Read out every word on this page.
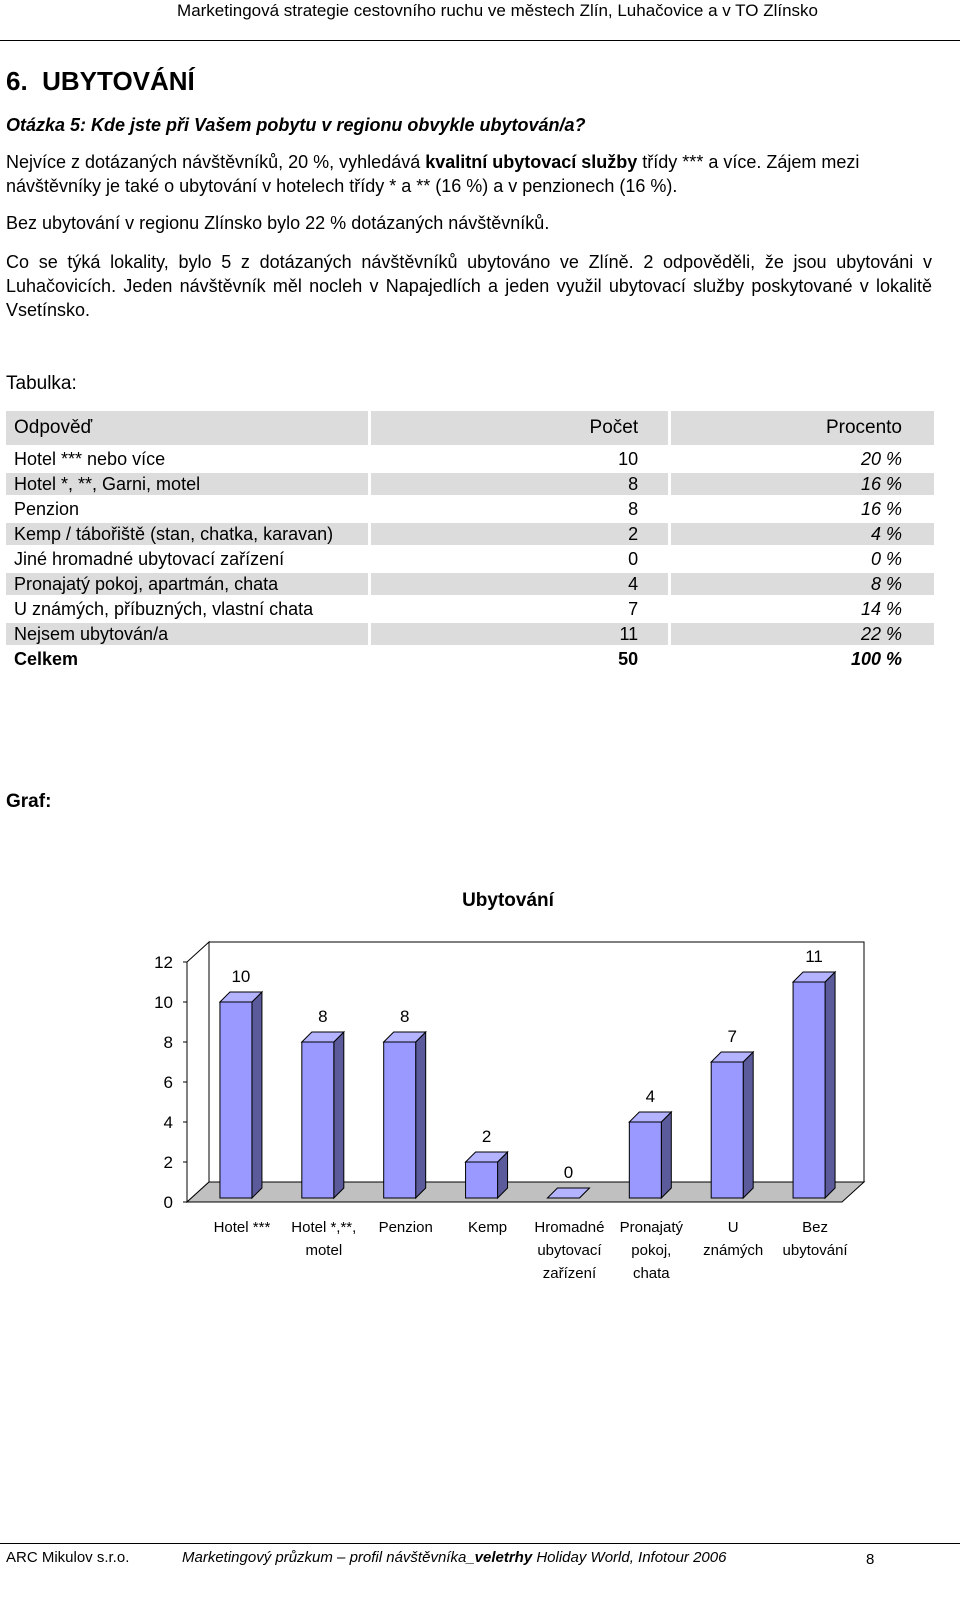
Marketingová strategie cestovního ruchu ve městech Zlín, Luhačovice a v TO Zlínsko
6.  UBYTOVÁNÍ
Otázka 5: Kde jste při Vašem pobytu v regionu obvykle ubytován/a?
Nejvíce z dotázaných návštěvníků, 20 %, vyhledává kvalitní ubytovací služby třídy *** a více. Zájem mezi návštěvníky je také o ubytování v hotelech třídy * a ** (16 %) a v penzionech (16 %).
Bez ubytování v regionu Zlínsko bylo 22 % dotázaných návštěvníků.
Co se týká lokality, bylo 5 z dotázaných návštěvníků ubytováno ve Zlíně. 2 odpověděli, že jsou ubytováni v Luhačovicích. Jeden návštěvník měl nocleh v Napajedlích a jeden využil ubytovací služby poskytované v lokalitě Vsetínsko.
Tabulka:
Odpověď	Počet	Procento
Hotel *** nebo více	10	20 %
Hotel *, **, Garni, motel	8	16 %
Penzion	8	16 %
Kemp / tábořiště (stan, chatka, karavan)	2	4 %
Jiné hromadné ubytovací zařízení	0	0 %
Pronajatý pokoj, apartmán, chata	4	8 %
U známých, příbuzných, vlastní chata	7	14 %
Nejsem ubytován/a	11	22 %
Celkem	50	100 %
Graf:
Ubytování
0
2
4
6
8
10
12
10
Hotel ***
8
Hotel *,**, motel
8
Penzion
2
Kemp
0
Hromadné ubytovací zařízení
4
Pronajatý pokoj, chata
7
U známých
11
Bez ubytování
ARC Mikulov s.r.o.	Marketingový průzkum – profil návštěvníka_veletrhy Holiday World, Infotour 2006	8
